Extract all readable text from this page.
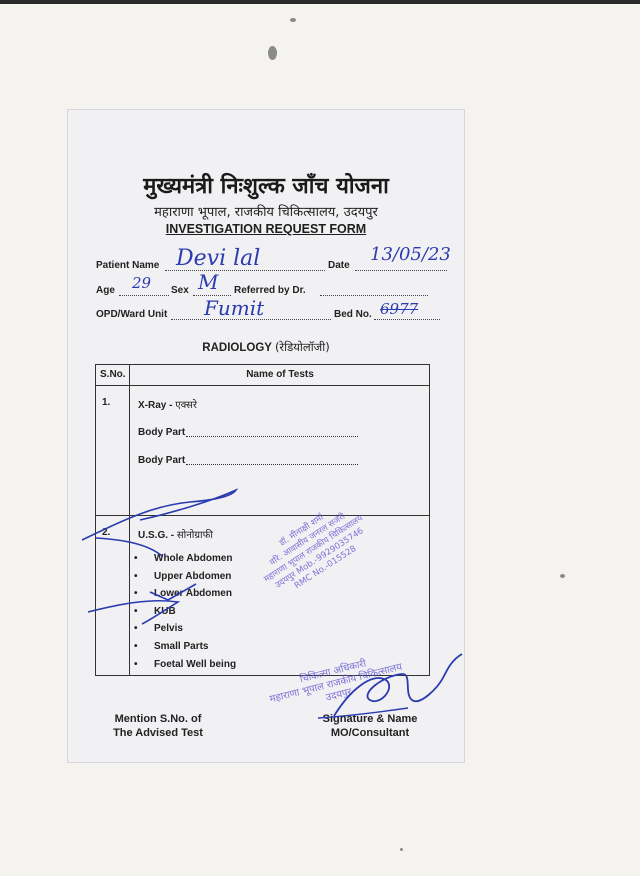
मुख्यमंत्री निःशुल्क जाँच योजना
महाराणा भूपाल, राजकीय चिकित्सालय, उदयपुर
INVESTIGATION REQUEST FORM
Patient Name Devi lal	Date
13/05/23
Age 29 Sex M Referred by Dr.
OPD/Ward Unit Fumit	Bed No. 6977
RADIOLOGY (रेडियोलॉजी)
S.No.	Name of Tests
1.	X-Ray - एक्सरे
Body Part
Body Part
2.	U.S.G. - सोनोग्राफी
• Whole Abdomen
• Upper Abdomen
• Lower Abdomen
• KUB
• Pelvis
• Small Parts
• Foetal Well being
डॉ. मीनाक्षी शर्मा
वरि. आवासीय जनरल सर्जरी
महाराणा भूपाल राजकीय चिकित्सालय
उदयपुर Mob.-9929035746
RMC No.-015528
चिकित्सा अधिकारी
महाराणा भूपाल राजकीय चिकित्सालय
उदयपुर
Mention S.No. of
The Advised Test
Signature & Name
MO/Consultant
